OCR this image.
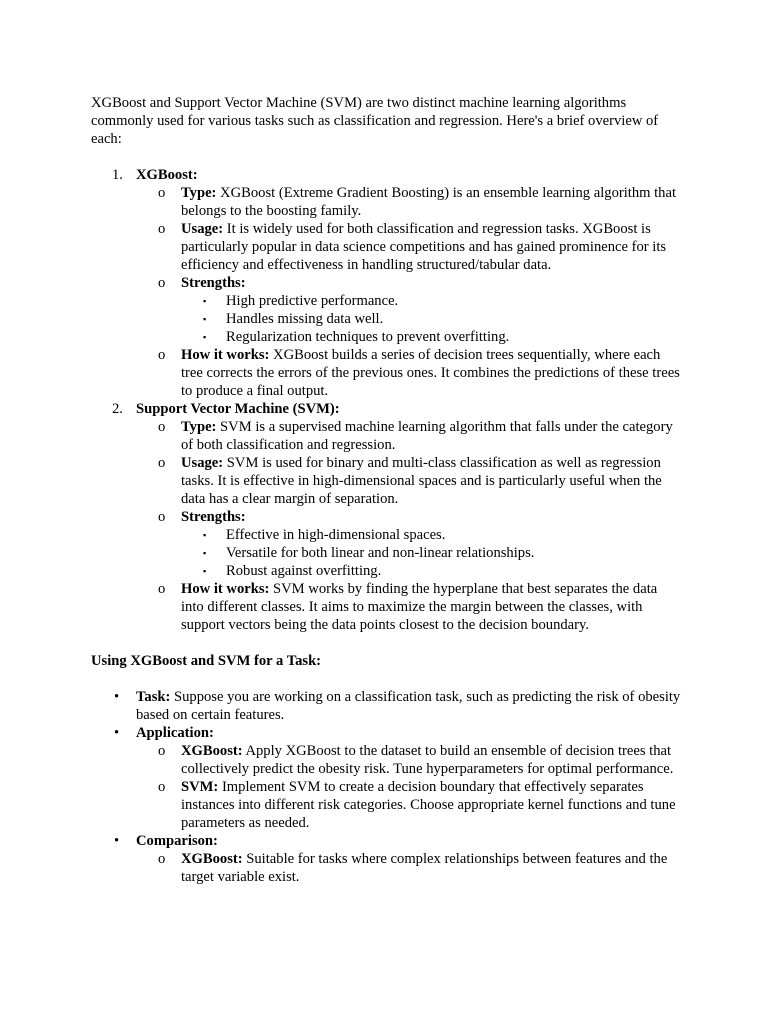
XGBoost and Support Vector Machine (SVM) are two distinct machine learning algorithms commonly used for various tasks such as classification and regression. Here's a brief overview of each:

1. XGBoost:
o Type: XGBoost (Extreme Gradient Boosting) is an ensemble learning algorithm that belongs to the boosting family.
o Usage: It is widely used for both classification and regression tasks. XGBoost is particularly popular in data science competitions and has gained prominence for its efficiency and effectiveness in handling structured/tabular data.
o Strengths:
▪ High predictive performance.
▪ Handles missing data well.
▪ Regularization techniques to prevent overfitting.
o How it works: XGBoost builds a series of decision trees sequentially, where each tree corrects the errors of the previous ones. It combines the predictions of these trees to produce a final output.
2. Support Vector Machine (SVM):
o Type: SVM is a supervised machine learning algorithm that falls under the category of both classification and regression.
o Usage: SVM is used for binary and multi-class classification as well as regression tasks. It is effective in high-dimensional spaces and is particularly useful when the data has a clear margin of separation.
o Strengths:
▪ Effective in high-dimensional spaces.
▪ Versatile for both linear and non-linear relationships.
▪ Robust against overfitting.
o How it works: SVM works by finding the hyperplane that best separates the data into different classes. It aims to maximize the margin between the classes, with support vectors being the data points closest to the decision boundary.

Using XGBoost and SVM for a Task:

• Task: Suppose you are working on a classification task, such as predicting the risk of obesity based on certain features.
• Application:
o XGBoost: Apply XGBoost to the dataset to build an ensemble of decision trees that collectively predict the obesity risk. Tune hyperparameters for optimal performance.
o SVM: Implement SVM to create a decision boundary that effectively separates instances into different risk categories. Choose appropriate kernel functions and tune parameters as needed.
• Comparison:
o XGBoost: Suitable for tasks where complex relationships between features and the target variable exist.
